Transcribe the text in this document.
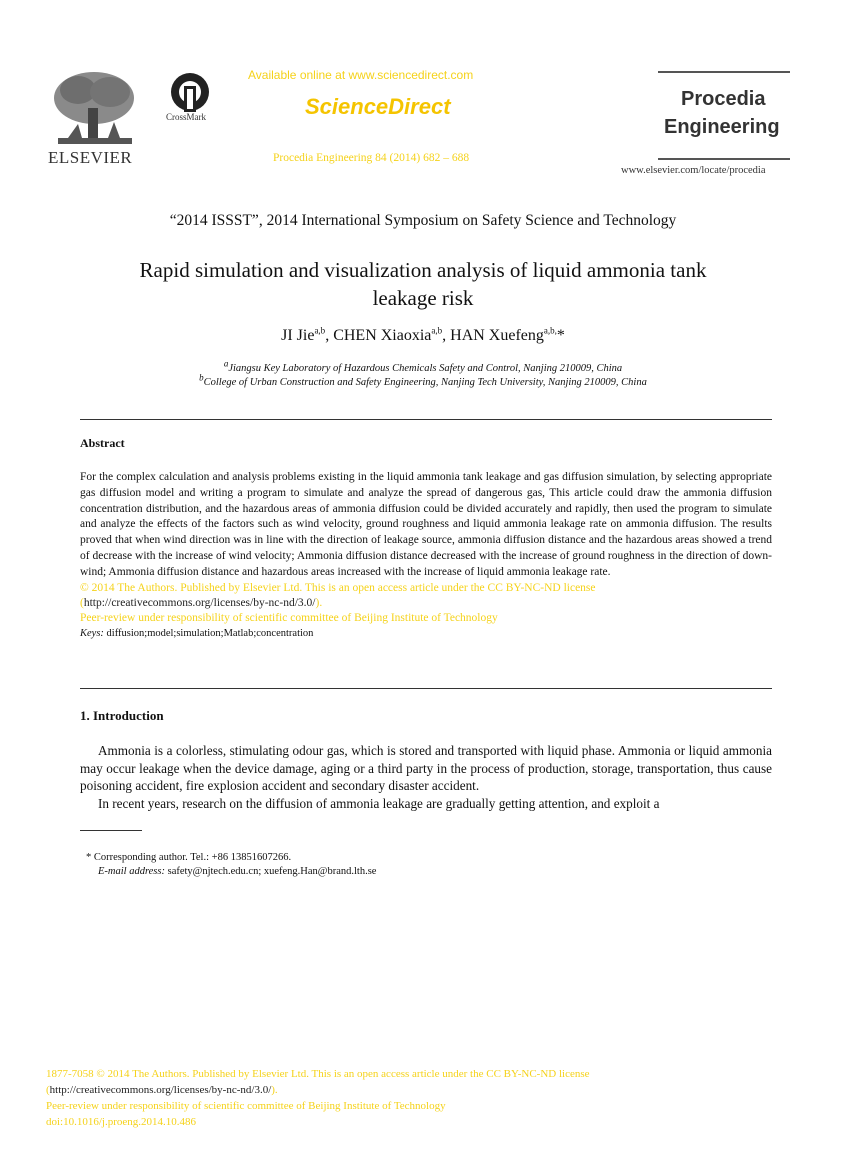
ELSEVIER
CrossMark
Available online at www.sciencedirect.com
ScienceDirect
Procedia Engineering 84 (2014) 682 – 688
Procedia
Engineering
www.elsevier.com/locate/procedia
“2014 ISSST”, 2014 International Symposium on Safety Science and Technology
Rapid simulation and visualization analysis of liquid ammonia tank
leakage risk
JI Jie$^{a,b}$, CHEN Xiaoxia$^{a,b}$, HAN Xuefeng$^{a,b,}$*
$^a$Jiangsu Key Laboratory of Hazardous Chemicals Safety and Control, Nanjing 210009, China
$^b$College of Urban Construction and Safety Engineering, Nanjing Tech University, Nanjing 210009, China
Abstract

For the complex calculation and analysis problems existing in the liquid ammonia tank leakage and gas diffusion simulation, by selecting appropriate gas diffusion model and writing a program to simulate and analyze the spread of dangerous gas, This article could draw the ammonia diffusion concentration distribution, and the hazardous areas of ammonia diffusion could be divided accurately and rapidly, then used the program to simulate and analyze the effects of the factors such as wind velocity, ground roughness and liquid ammonia leakage rate on ammonia diffusion. The results proved that when wind direction was in line with the direction of leakage source, ammonia diffusion distance and the hazardous areas showed a trend of decrease with the increase of wind velocity; Ammonia diffusion distance decreased with the increase of ground roughness in the direction of down-wind; Ammonia diffusion distance and hazardous areas increased with the increase of liquid ammonia leakage rate.

© 2014 The Authors. Published by Elsevier Ltd. This is an open access article under the CC BY-NC-ND license

(http://creativecommons.org/licenses/by-nc-nd/3.0/).

Peer-review under responsibility of scientific committee of Beijing Institute of Technology

Keys: diffusion;model;simulation;Matlab;concentration

1. Introduction

Ammonia is a colorless, stimulating odour gas, which is stored and transported with liquid phase. Ammonia or liquid ammonia may occur leakage when the device damage, aging or a third party in the process of production, storage, transportation, thus cause poisoning accident, fire explosion accident and secondary disaster accident.

In recent years, research on the diffusion of ammonia leakage are gradually getting attention, and exploit a

* Corresponding author. Tel.: +86 13851607266.
E-mail address: safety@njtech.edu.cn; xuefeng.Han@brand.lth.se
1877-7058 © 2014 The Authors. Published by Elsevier Ltd. This is an open access article under the CC BY-NC-ND license
(http://creativecommons.org/licenses/by-nc-nd/3.0/).
Peer-review under responsibility of scientific committee of Beijing Institute of Technology
doi:10.1016/j.proeng.2014.10.486
